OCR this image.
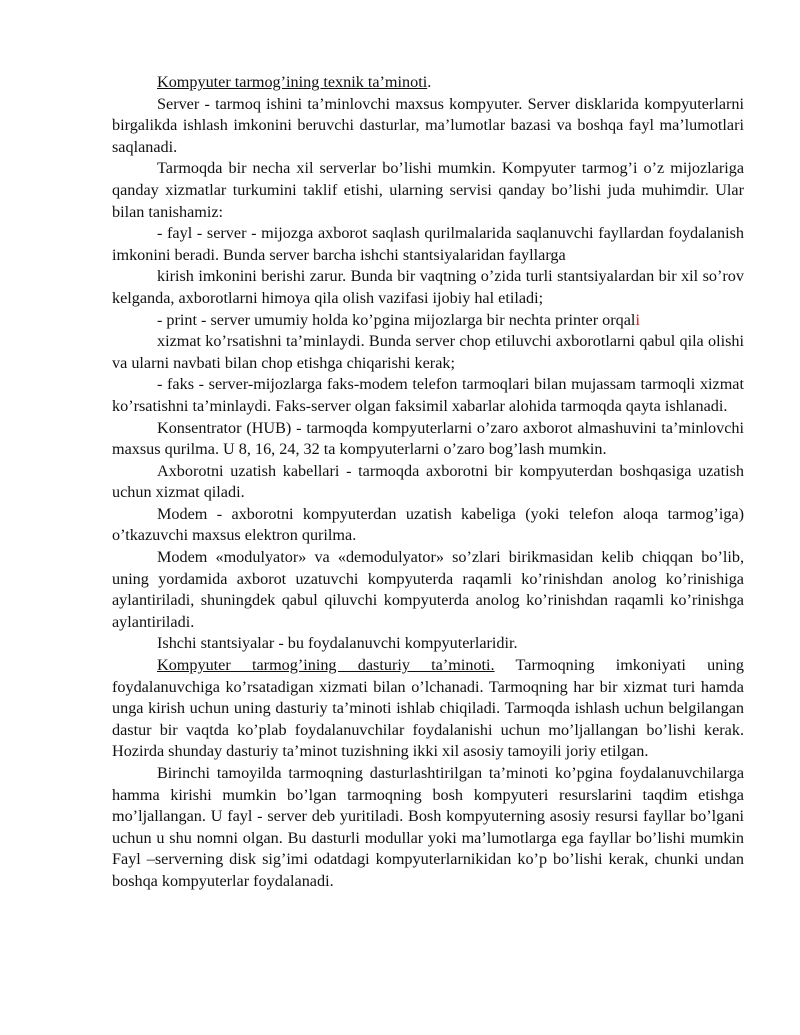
Kompyuter tarmog’ining texnik ta’minoti.

Server - tarmoq ishini ta’minlovchi maxsus kompyuter. Server disklarida kompyuterlarni birgalikda ishlash imkonini beruvchi dasturlar, ma’lumotlar bazasi va boshqa fayl ma’lumotlari saqlanadi.

Tarmoqda bir necha xil serverlar bo’lishi mumkin. Kompyuter tarmog’i o’z mijozlariga qanday xizmatlar turkumini taklif etishi, ularning servisi qanday bo’lishi juda muhimdir. Ular bilan tanishamiz:

- fayl - server - mijozga axborot saqlash qurilmalarida saqlanuvchi fayllardan foydalanish imkonini beradi. Bunda server barcha ishchi stantsiyalaridan fayllarga

kirish imkonini berishi zarur. Bunda bir vaqtning o’zida turli stantsiyalardan bir xil so’rov kelganda, axborotlarni himoya qila olish vazifasi ijobiy hal etiladi;

- print - server umumiy holda ko’pgina mijozlarga bir nechta printer orqali

xizmat ko’rsatishni ta’minlaydi. Bunda server chop etiluvchi axborotlarni qabul qila olishi va ularni navbati bilan chop etishga chiqarishi kerak;

- faks - server-mijozlarga faks-modem telefon tarmoqlari bilan mujassam tarmoqli xizmat ko’rsatishni ta’minlaydi. Faks-server olgan faksimil xabarlar alohida tarmoqda qayta ishlanadi.

Konsentrator (HUB) - tarmoqda kompyuterlarni o’zaro axborot almashuvini ta’minlovchi maxsus qurilma. U 8, 16, 24, 32 ta kompyuterlarni o’zaro bog’lash mumkin.

Axborotni uzatish kabellari - tarmoqda axborotni bir kompyuterdan boshqasiga uzatish uchun xizmat qiladi.

Modem - axborotni kompyuterdan uzatish kabeliga (yoki telefon aloqa tarmog’iga) o’tkazuvchi maxsus elektron qurilma.

Modem «modulyator» va «demodulyator» so’zlari birikmasidan kelib chiqqan bo’lib, uning yordamida axborot uzatuvchi kompyuterda raqamli ko’rinishdan anolog ko’rinishiga aylantiriladi, shuningdek qabul qiluvchi kompyuterda anolog ko’rinishdan raqamli ko’rinishga aylantiriladi.

Ishchi stantsiyalar - bu foydalanuvchi kompyuterlaridir.

Kompyuter tarmog’ining dasturiy ta’minoti. Tarmoqning imkoniyati uning foydalanuvchiga ko’rsatadigan xizmati bilan o’lchanadi. Tarmoqning har bir xizmat turi hamda unga kirish uchun uning dasturiy ta’minoti ishlab chiqiladi. Tarmoqda ishlash uchun belgilangan dastur bir vaqtda ko’plab foydalanuvchilar foydalanishi uchun mo’ljallangan bo’lishi kerak. Hozirda shunday dasturiy ta’minot tuzishning ikki xil asosiy tamoyili joriy etilgan.

Birinchi tamoyilda tarmoqning dasturlashtirilgan ta’minoti ko’pgina foydalanuvchilarga hamma kirishi mumkin bo’lgan tarmoqning bosh kompyuteri resurslarini taqdim etishga mo’ljallangan. U fayl - server deb yuritiladi. Bosh kompyuterning asosiy resursi fayllar bo’lgani uchun u shu nomni olgan. Bu dasturli modullar yoki ma’lumotlarga ega fayllar bo’lishi mumkin Fayl –serverning disk sig’imi odatdagi kompyuterlarnikidan ko’p bo’lishi kerak, chunki undan boshqa kompyuterlar foydalanadi.
